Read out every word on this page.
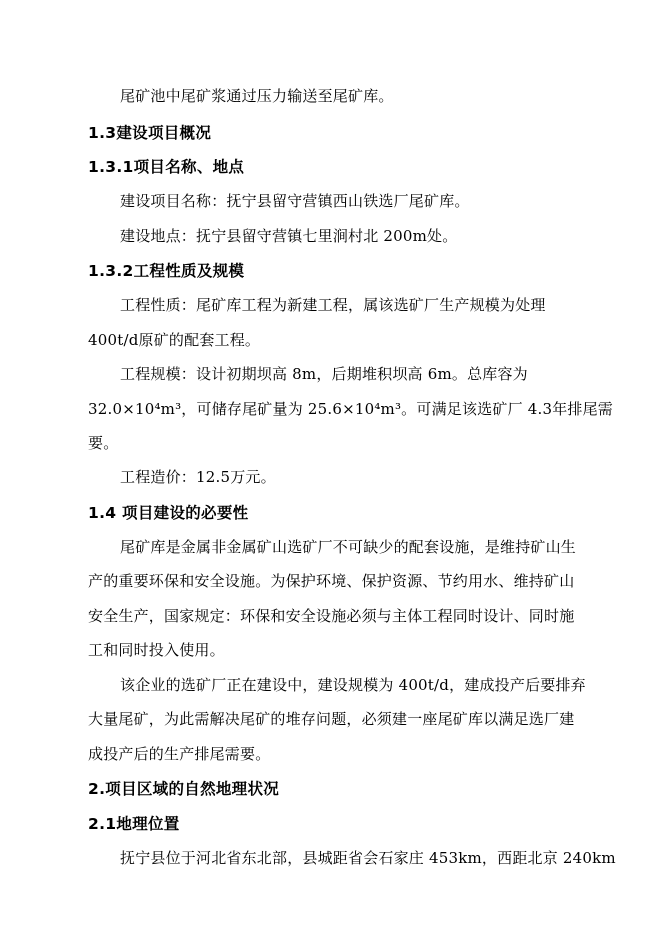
尾矿池中尾矿浆通过压力输送至尾矿库。
1.3建设项目概况
1.3.1项目名称、地点
建设项目名称：抚宁县留守营镇西山铁选厂尾矿库。
建设地点：抚宁县留守营镇七里涧村北 200m处。
1.3.2工程性质及规模
工程性质：尾矿库工程为新建工程，属该选矿厂生产规模为处理
400t/d原矿的配套工程。
工程规模：设计初期坝高 8m，后期堆积坝高 6m。总库容为
32.0×10⁴m³，可储存尾矿量为 25.6×10⁴m³。可满足该选矿厂 4.3年排尾需
要。
工程造价：12.5万元。
1.4 项目建设的必要性
尾矿库是金属非金属矿山选矿厂不可缺少的配套设施，是维持矿山生
产的重要环保和安全设施。为保护环境、保护资源、节约用水、维持矿山
安全生产，国家规定：环保和安全设施必须与主体工程同时设计、同时施
工和同时投入使用。
该企业的选矿厂正在建设中，建设规模为 400t/d，建成投产后要排弃
大量尾矿，为此需解决尾矿的堆存问题，必须建一座尾矿库以满足选厂建
成投产后的生产排尾需要。
2.项目区域的自然地理状况
2.1地理位置
抚宁县位于河北省东北部，县城距省会石家庄 453km，西距北京 240km
